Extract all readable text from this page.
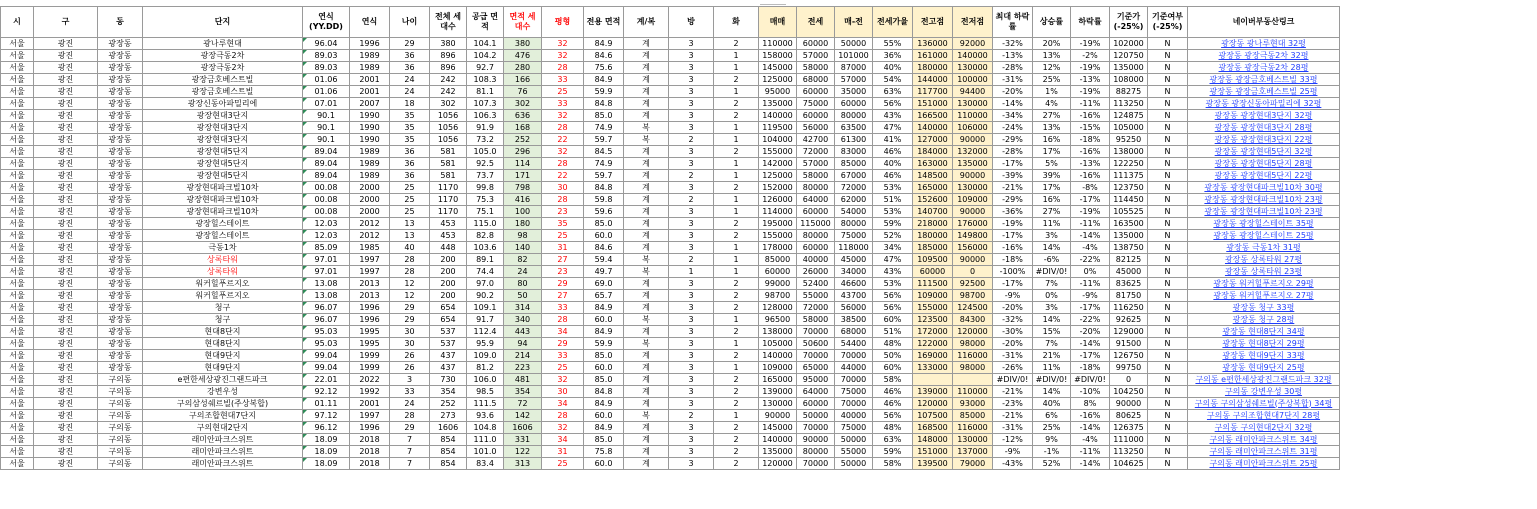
시	구	동	단지	연식(YY.DD)	연식	나이	전체 세대수	공급 면적	면적 세대수	평형	전용 면적	계/복	방	화	매매	전세	매-전	전세가율	전고점	전저점	최대 하락률	상승률	하락률	기준가 (-25%)	기준여부 (-25%)	네이버부동산링크
서울	광진	광장동	광나루현대	96.04	1996	29	380	104.1	380	32	84.9	계	3	2	110000	60000	50000	55%	136000	92000	-32%	20%	-19%	102000	N	광장동 광나루현대 32평
서울	광진	광장동	광장극동2차	89.03	1989	36	896	104.2	476	32	84.6	계	3	1	158000	57000	101000	36%	161000	140000	-13%	13%	-2%	120750	N	광장동 광장극동2차 32평
서울	광진	광장동	광장극동2차	89.03	1989	36	896	92.7	280	28	75.6	계	3	1	145000	58000	87000	40%	180000	130000	-28%	12%	-19%	135000	N	광장동 광장극동2차 28평
서울	광진	광장동	광장금호베스트빌	01.06	2001	24	242	108.3	166	33	84.9	계	3	2	125000	68000	57000	54%	144000	100000	-31%	25%	-13%	108000	N	광장동 광장금호베스트빌 33평
서울	광진	광장동	광장금호베스트빌	01.06	2001	24	242	81.1	76	25	59.9	계	3	1	95000	60000	35000	63%	117700	94400	-20%	1%	-19%	88275	N	광장동 광장금호베스트빌 25평
서울	광진	광장동	광장신동아파밀리에	07.01	2007	18	302	107.3	302	33	84.8	계	3	2	135000	75000	60000	56%	151000	130000	-14%	4%	-11%	113250	N	광장동 광장신동아파밀리에 32평
서울	광진	광장동	광장현대3단지	90.1	1990	35	1056	106.3	636	32	85.0	계	3	2	140000	60000	80000	43%	166500	110000	-34%	27%	-16%	124875	N	광장동 광장현대3단지 32평
서울	광진	광장동	광장현대3단지	90.1	1990	35	1056	91.9	168	28	74.9	복	3	1	119500	56000	63500	47%	140000	106000	-24%	13%	-15%	105000	N	광장동 광장현대3단지 28평
서울	광진	광장동	광장현대3단지	90.1	1990	35	1056	73.2	252	22	59.7	복	2	1	104000	42700	61300	41%	127000	90000	-29%	16%	-18%	95250	N	광장동 광장현대3단지 22평
서울	광진	광장동	광장현대5단지	89.04	1989	36	581	105.0	296	32	84.5	계	3	2	155000	72000	83000	46%	184000	132000	-28%	17%	-16%	138000	N	광장동 광장현대5단지 32평
서울	광진	광장동	광장현대5단지	89.04	1989	36	581	92.5	114	28	74.9	계	3	1	142000	57000	85000	40%	163000	135000	-17%	5%	-13%	122250	N	광장동 광장현대5단지 28평
서울	광진	광장동	광장현대5단지	89.04	1989	36	581	73.7	171	22	59.7	계	2	1	125000	58000	67000	46%	148500	90000	-39%	39%	-16%	111375	N	광장동 광장현대5단지 22평
서울	광진	광장동	광장현대파크빌10차	00.08	2000	25	1170	99.8	798	30	84.8	계	3	2	152000	80000	72000	53%	165000	130000	-21%	17%	-8%	123750	N	광장동 광장현대파크빌10차 30평
서울	광진	광장동	광장현대파크빌10차	00.08	2000	25	1170	75.3	416	28	59.8	계	2	1	126000	64000	62000	51%	152600	109000	-29%	16%	-17%	114450	N	광장동 광장현대파크빌10차 23평
서울	광진	광장동	광장현대파크빌10차	00.08	2000	25	1170	75.1	100	23	59.6	계	3	1	114000	60000	54000	53%	140700	90000	-36%	27%	-19%	105525	N	광장동 광장현대파크빌10차 23평
서울	광진	광장동	광장힐스테이트	12.03	2012	13	453	115.0	180	35	85.0	계	3	2	195000	115000	80000	59%	218000	176000	-19%	11%	-11%	163500	N	광장동 광장힐스테이트 35평
서울	광진	광장동	광장힐스테이트	12.03	2012	13	453	82.8	98	25	60.0	계	3	2	155000	80000	75000	52%	180000	149800	-17%	3%	-14%	135000	N	광장동 광장힐스테이트 25평
서울	광진	광장동	극동1차	85.09	1985	40	448	103.6	140	31	84.6	계	3	1	178000	60000	118000	34%	185000	156000	-16%	14%	-4%	138750	N	광장동 극동1차 31평
서울	광진	광장동	상록타워	97.01	1997	28	200	89.1	82	27	59.4	복	2	1	85000	40000	45000	47%	109500	90000	-18%	-6%	-22%	82125	N	광장동 상록타워 27평
서울	광진	광장동	상록타워	97.01	1997	28	200	74.4	24	23	49.7	복	1	1	60000	26000	34000	43%	60000	0	-100%	#DIV/0!	0%	45000	N	광장동 상록타워 23평
서울	광진	광장동	워커힐푸르지오	13.08	2013	12	200	97.0	80	29	69.0	계	3	2	99000	52400	46600	53%	111500	92500	-17%	7%	-11%	83625	N	광장동 워커힐푸르지오 29평
서울	광진	광장동	워커힐푸르지오	13.08	2013	12	200	90.2	50	27	65.7	계	3	2	98700	55000	43700	56%	109000	98700	-9%	0%	-9%	81750	N	광장동 워커힐푸르지오 27평
서울	광진	광장동	청구	96.07	1996	29	654	109.1	314	33	84.9	계	3	2	128000	72000	56000	56%	155000	124500	-20%	3%	-17%	116250	N	광장동 청구 33평
서울	광진	광장동	청구	96.07	1996	29	654	91.7	340	28	60.0	복	3	1	96500	58000	38500	60%	123500	84300	-32%	14%	-22%	92625	N	광장동 청구 28평
서울	광진	광장동	현대8단지	95.03	1995	30	537	112.4	443	34	84.9	계	3	2	138000	70000	68000	51%	172000	120000	-30%	15%	-20%	129000	N	광장동 현대8단지 34평
서울	광진	광장동	현대8단지	95.03	1995	30	537	95.9	94	29	59.9	복	3	1	105000	50600	54400	48%	122000	98000	-20%	7%	-14%	91500	N	광장동 현대8단지 29평
서울	광진	광장동	현대9단지	99.04	1999	26	437	109.0	214	33	85.0	계	3	2	140000	70000	70000	50%	169000	116000	-31%	21%	-17%	126750	N	광장동 현대9단지 33평
서울	광진	광장동	현대9단지	99.04	1999	26	437	81.2	223	25	60.0	계	3	1	109000	65000	44000	60%	133000	98000	-26%	11%	-18%	99750	N	광장동 현대9단지 25평
서울	광진	구의동	e편한세상광진그랜드파크	22.01	2022	3	730	106.0	481	32	85.0	계	3	2	165000	95000	70000	58%			#DIV/0!	#DIV/0!	#DIV/0!	0	N	구의동 e편한세상광진그랜드파크 32평
서울	광진	구의동	강변우성	92.12	1992	33	354	98.5	354	30	84.8	계	3	2	139000	64000	75000	46%	139000	110000	-21%	14%	-10%	104250	N	구의동 강변우성 30평
서울	광진	구의동	구의삼성쉐르빌(주상복합)	01.11	2001	24	252	111.5	72	34	84.9	계	3	2	130000	60000	70000	46%	120000	93000	-23%	40%	8%	90000	N	구의동 구의삼성쉐르빌(주상복합) 34평
서울	광진	구의동	구의조합현대7단지	97.12	1997	28	273	93.6	142	28	60.0	복	2	1	90000	50000	40000	56%	107500	85000	-21%	6%	-16%	80625	N	구의동 구의조합현대7단지 28평
서울	광진	구의동	구의현대2단지	96.12	1996	29	1606	104.8	1606	32	84.9	계	3	2	145000	70000	75000	48%	168500	116000	-31%	25%	-14%	126375	N	구의동 구의현대2단지 32평
서울	광진	구의동	래미안파크스위트	18.09	2018	7	854	111.0	331	34	85.0	계	3	2	140000	90000	50000	63%	148000	130000	-12%	9%	-4%	111000	N	구의동 래미안파크스위트 34평
서울	광진	구의동	래미안파크스위트	18.09	2018	7	854	101.0	122	31	75.8	계	3	2	135000	80000	55000	59%	151000	137000	-9%	-1%	-11%	113250	N	구의동 래미안파크스위트 31평
서울	광진	구의동	래미안파크스위트	18.09	2018	7	854	83.4	313	25	60.0	계	3	2	120000	70000	50000	58%	139500	79000	-43%	52%	-14%	104625	N	구의동 래미안파크스위트 25평
